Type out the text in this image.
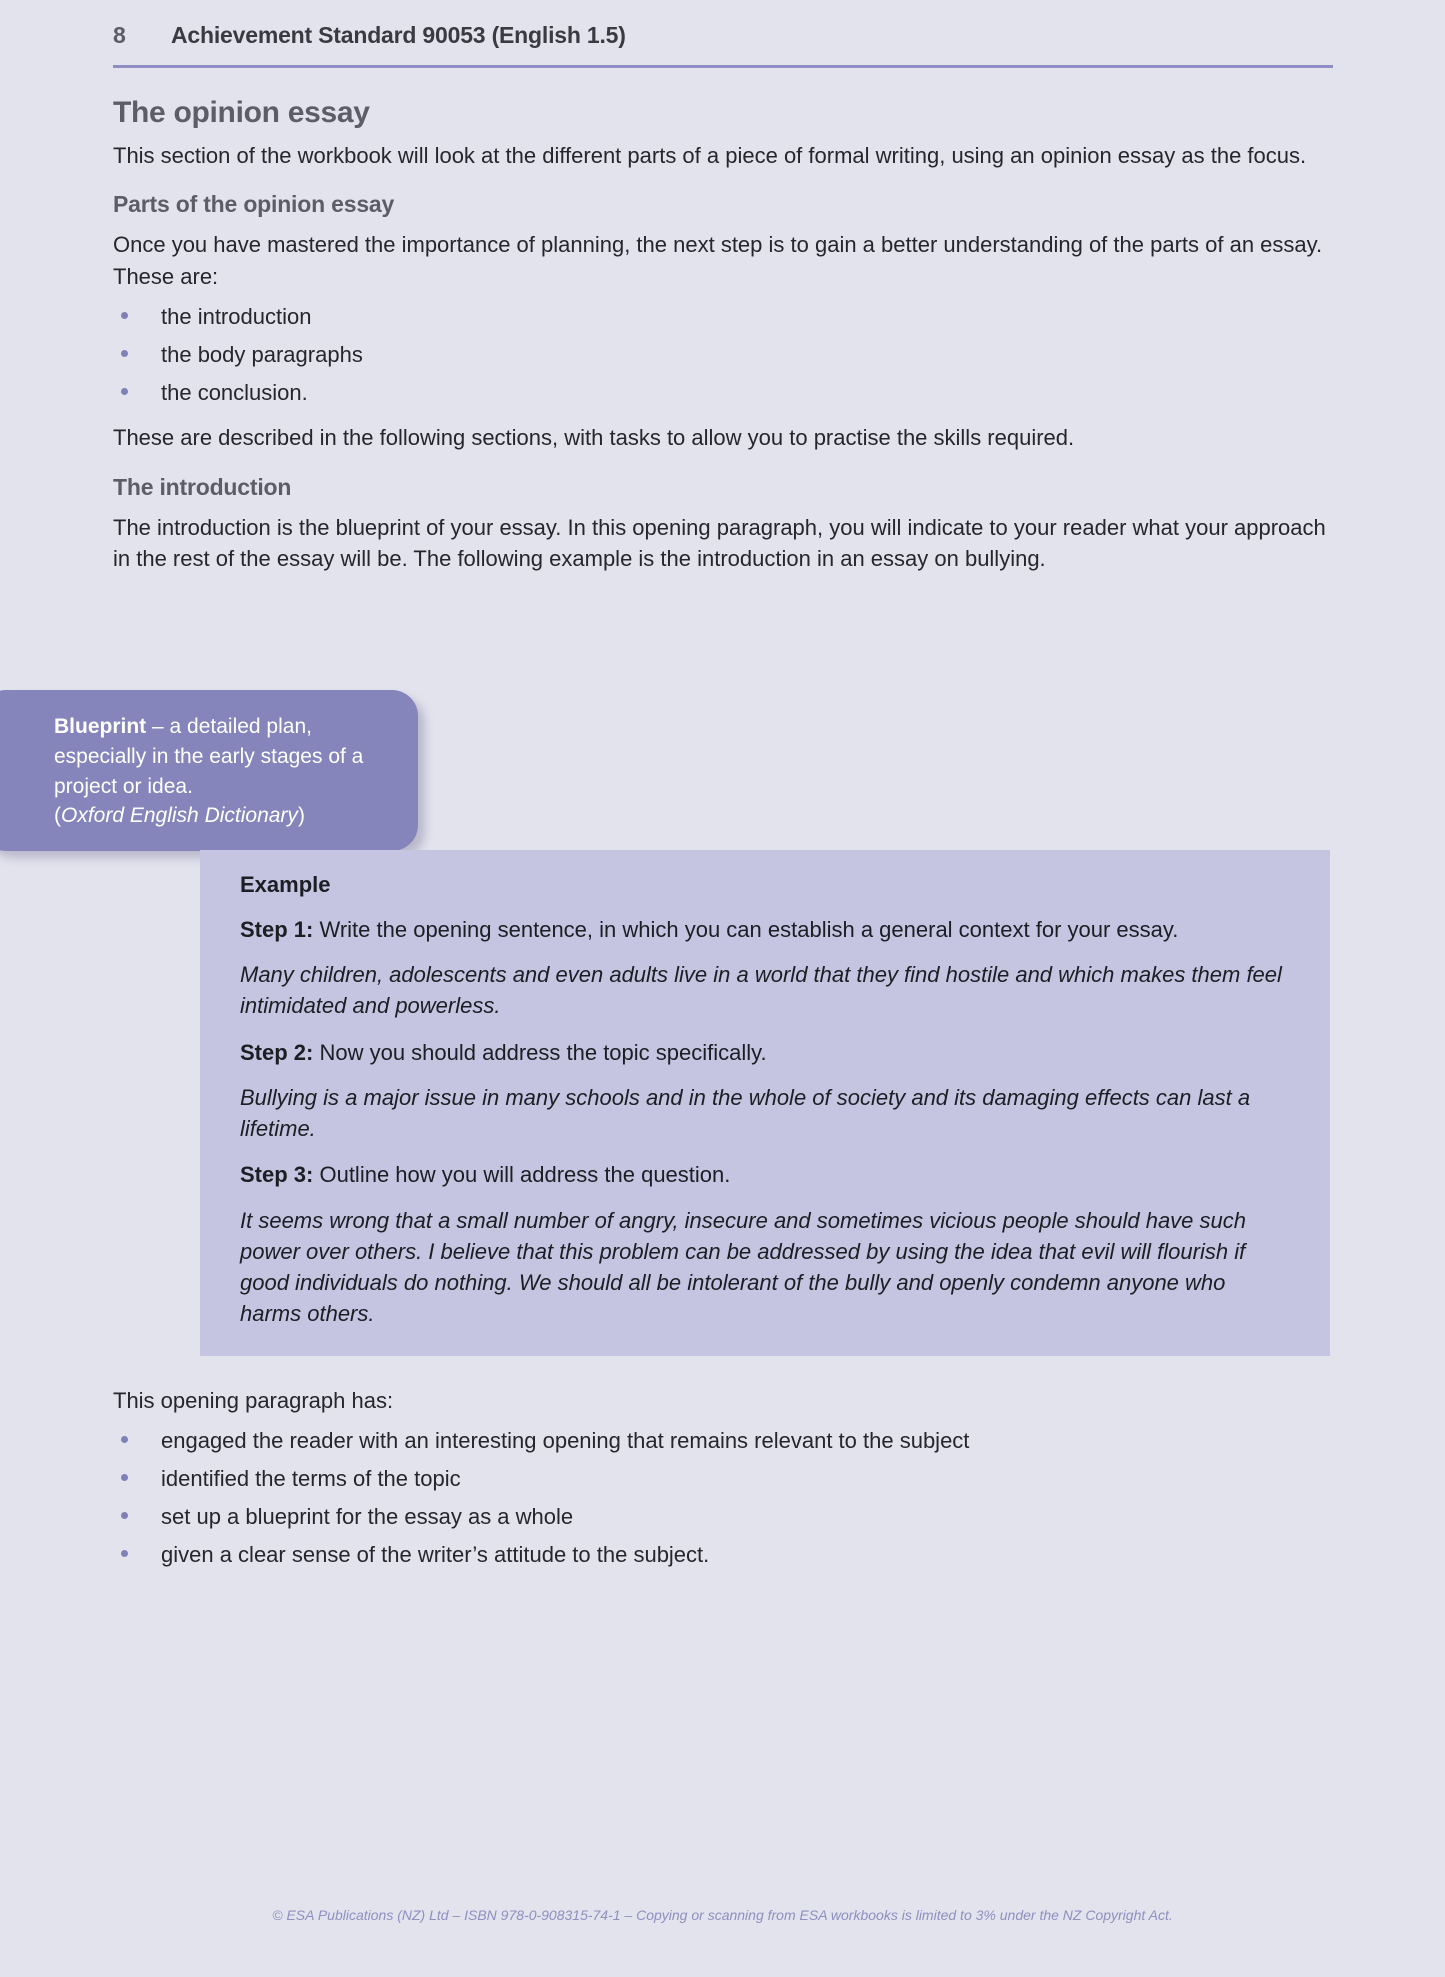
8	Achievement Standard 90053 (English 1.5)
The opinion essay

This section of the workbook will look at the different parts of a piece of formal writing, using an opinion essay as the focus.

Parts of the opinion essay

Once you have mastered the importance of planning, the next step is to gain a better understanding of the parts of an essay. These are:

the introduction
the body paragraphs
the conclusion.

These are described in the following sections, with tasks to allow you to practise the skills required.

The introduction

The introduction is the blueprint of your essay. In this opening paragraph, you will indicate to your reader what your approach in the rest of the essay will be. The following example is the introduction in an essay on bullying.

Blueprint – a detailed plan, especially in the early stages of a project or idea.

(Oxford English Dictionary)

Example

Step 1: Write the opening sentence, in which you can establish a general context for your essay.

Many children, adolescents and even adults live in a world that they find hostile and which makes them feel intimidated and powerless.

Step 2: Now you should address the topic specifically.

Bullying is a major issue in many schools and in the whole of society and its damaging effects can last a lifetime.

Step 3: Outline how you will address the question.

It seems wrong that a small number of angry, insecure and sometimes vicious people should have such power over others. I believe that this problem can be addressed by using the idea that evil will flourish if good individuals do nothing. We should all be intolerant of the bully and openly condemn anyone who harms others.

This opening paragraph has:

engaged the reader with an interesting opening that remains relevant to the subject
identified the terms of the topic
set up a blueprint for the essay as a whole
given a clear sense of the writer’s attitude to the subject.
© ESA Publications (NZ) Ltd – ISBN 978-0-908315-74-1 – Copying or scanning from ESA workbooks is limited to 3% under the NZ Copyright Act.
